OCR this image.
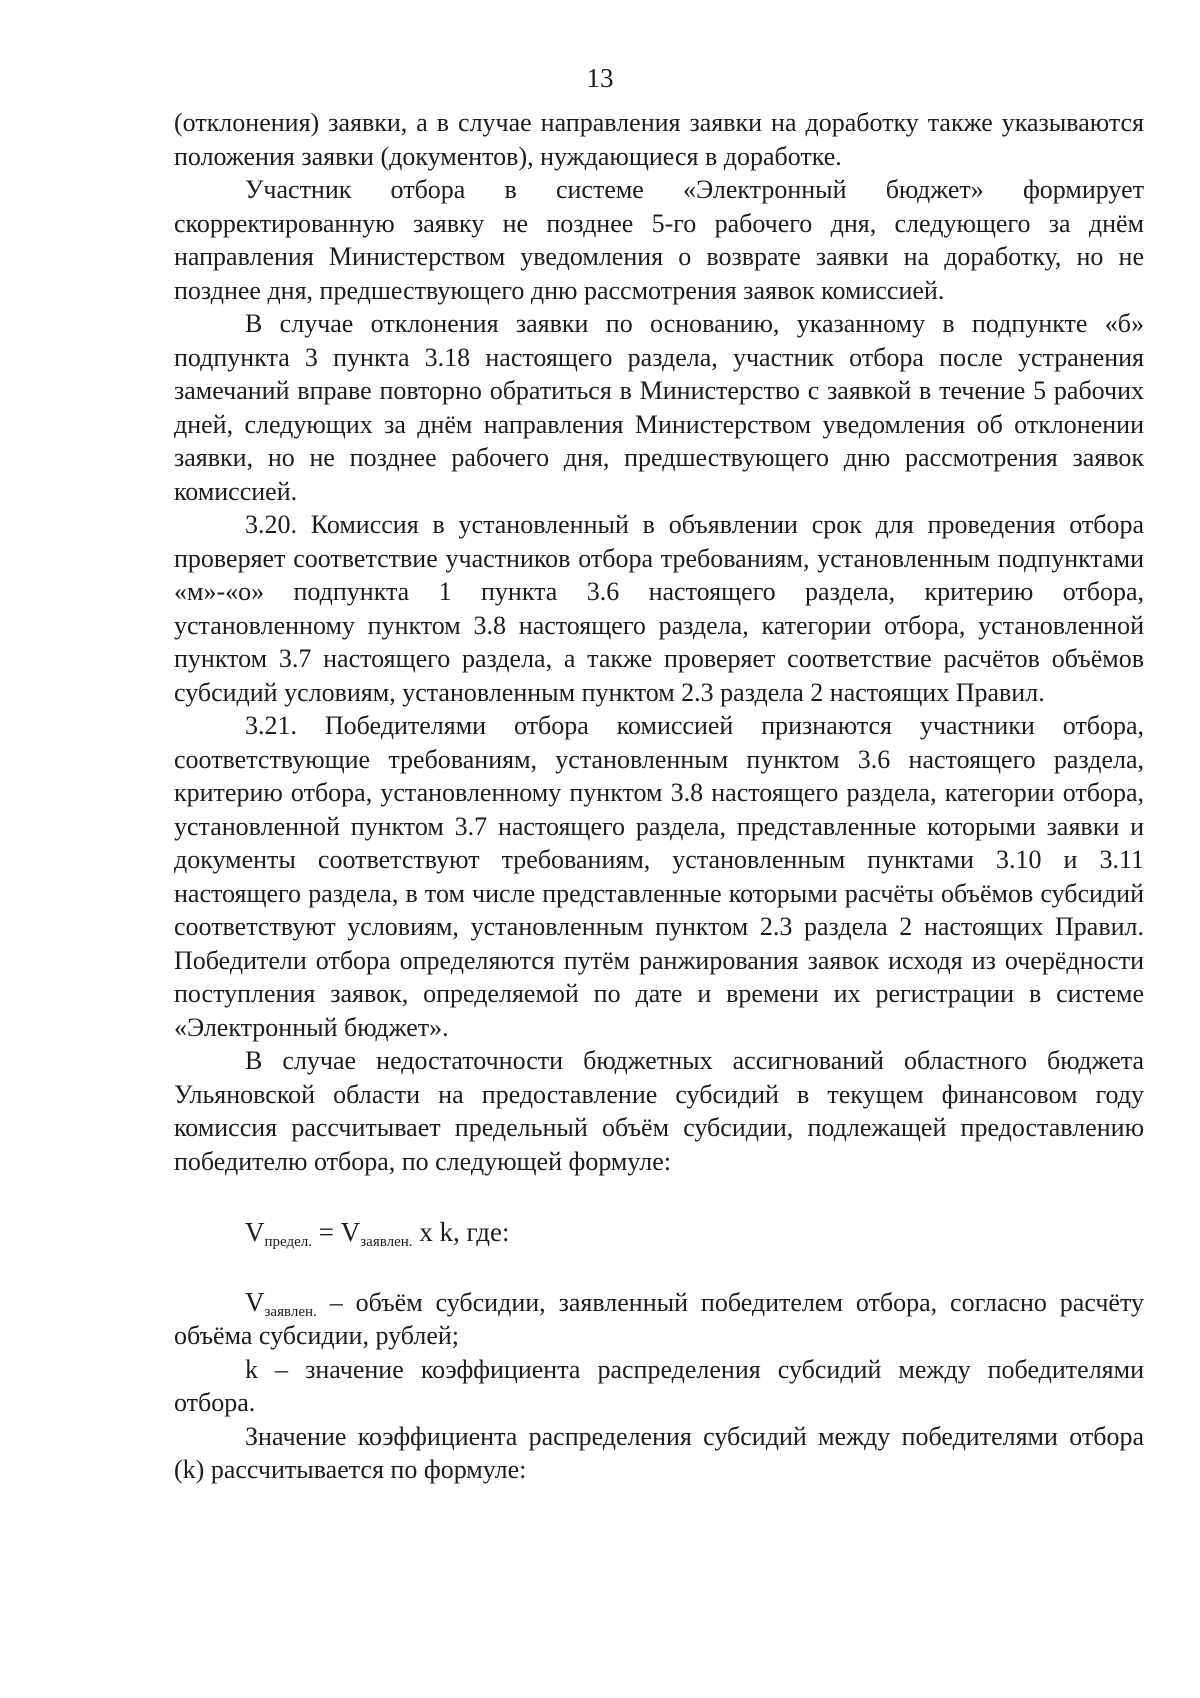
13

(отклонения) заявки, а в случае направления заявки на доработку также указываются положения заявки (документов), нуждающиеся в доработке.

Участник отбора в системе «Электронный бюджет» формирует скорректированную заявку не позднее 5-го рабочего дня, следующего за днём направления Министерством уведомления о возврате заявки на доработку, но не позднее дня, предшествующего дню рассмотрения заявок комиссией.

В случае отклонения заявки по основанию, указанному в подпункте «б» подпункта 3 пункта 3.18 настоящего раздела, участник отбора после устранения замечаний вправе повторно обратиться в Министерство с заявкой в течение 5 рабочих дней, следующих за днём направления Министерством уведомления об отклонении заявки, но не позднее рабочего дня, предшествующего дню рассмотрения заявок комиссией.

3.20. Комиссия в установленный в объявлении срок для проведения отбора проверяет соответствие участников отбора требованиям, установленным подпунктами «м»-«о» подпункта 1 пункта 3.6 настоящего раздела, критерию отбора, установленному пунктом 3.8 настоящего раздела, категории отбора, установленной пунктом 3.7 настоящего раздела, а также проверяет соответствие расчётов объёмов субсидий условиям, установленным пунктом 2.3 раздела 2 настоящих Правил.

3.21. Победителями отбора комиссией признаются участники отбора, соответствующие требованиям, установленным пунктом 3.6 настоящего раздела, критерию отбора, установленному пунктом 3.8 настоящего раздела, категории отбора, установленной пунктом 3.7 настоящего раздела, представленные которыми заявки и документы соответствуют требованиям, установленным пунктами 3.10 и 3.11 настоящего раздела, в том числе представленные которыми расчёты объёмов субсидий соответствуют условиям, установленным пунктом 2.3 раздела 2 настоящих Правил. Победители отбора определяются путём ранжирования заявок исходя из очерёдности поступления заявок, определяемой по дате и времени их регистрации в системе «Электронный бюджет».

В случае недостаточности бюджетных ассигнований областного бюджета Ульяновской области на предоставление субсидий в текущем финансовом году комиссия рассчитывает предельный объём субсидии, подлежащей предоставлению победителю отбора, по следующей формуле:

$V_{предел.} = V_{заявлен.}$ x k, где:

$V_{заявлен.}$ – объём субсидии, заявленный победителем отбора, согласно расчёту объёма субсидии, рублей;

k – значение коэффициента распределения субсидий между победителями отбора.

Значение коэффициента распределения субсидий между победителями отбора (k) рассчитывается по формуле:
